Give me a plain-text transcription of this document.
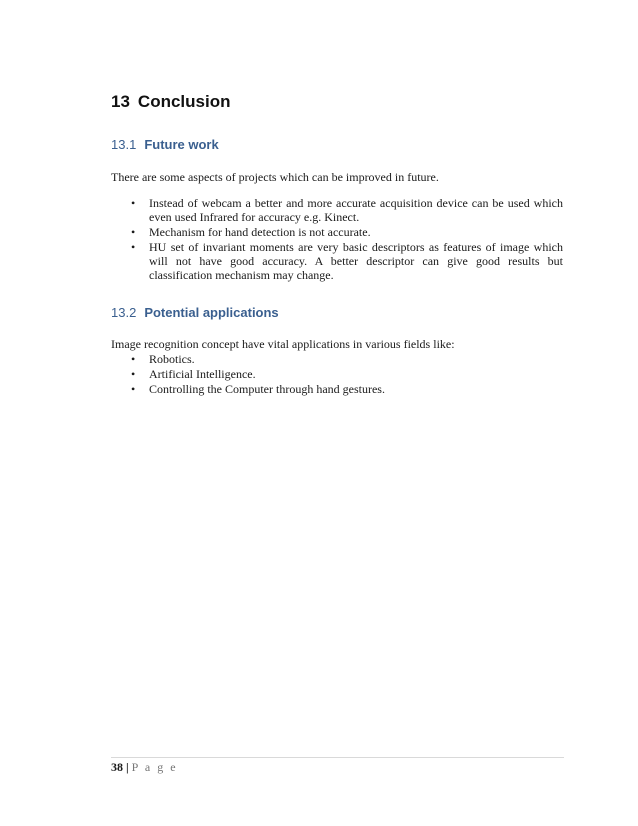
13 Conclusion
13.1 Future work
There are some aspects of projects which can be improved in future.
• Instead of webcam a better and more accurate acquisition device can be used which even used Infrared for accuracy e.g. Kinect.
• Mechanism for hand detection is not accurate.
• HU set of invariant moments are very basic descriptors as features of image which will not have good accuracy. A better descriptor can give good results but classification mechanism may change.
13.2 Potential applications
Image recognition concept have vital applications in various fields like:
• Robotics.
• Artificial Intelligence.
• Controlling the Computer through hand gestures.
38 | P a g e
